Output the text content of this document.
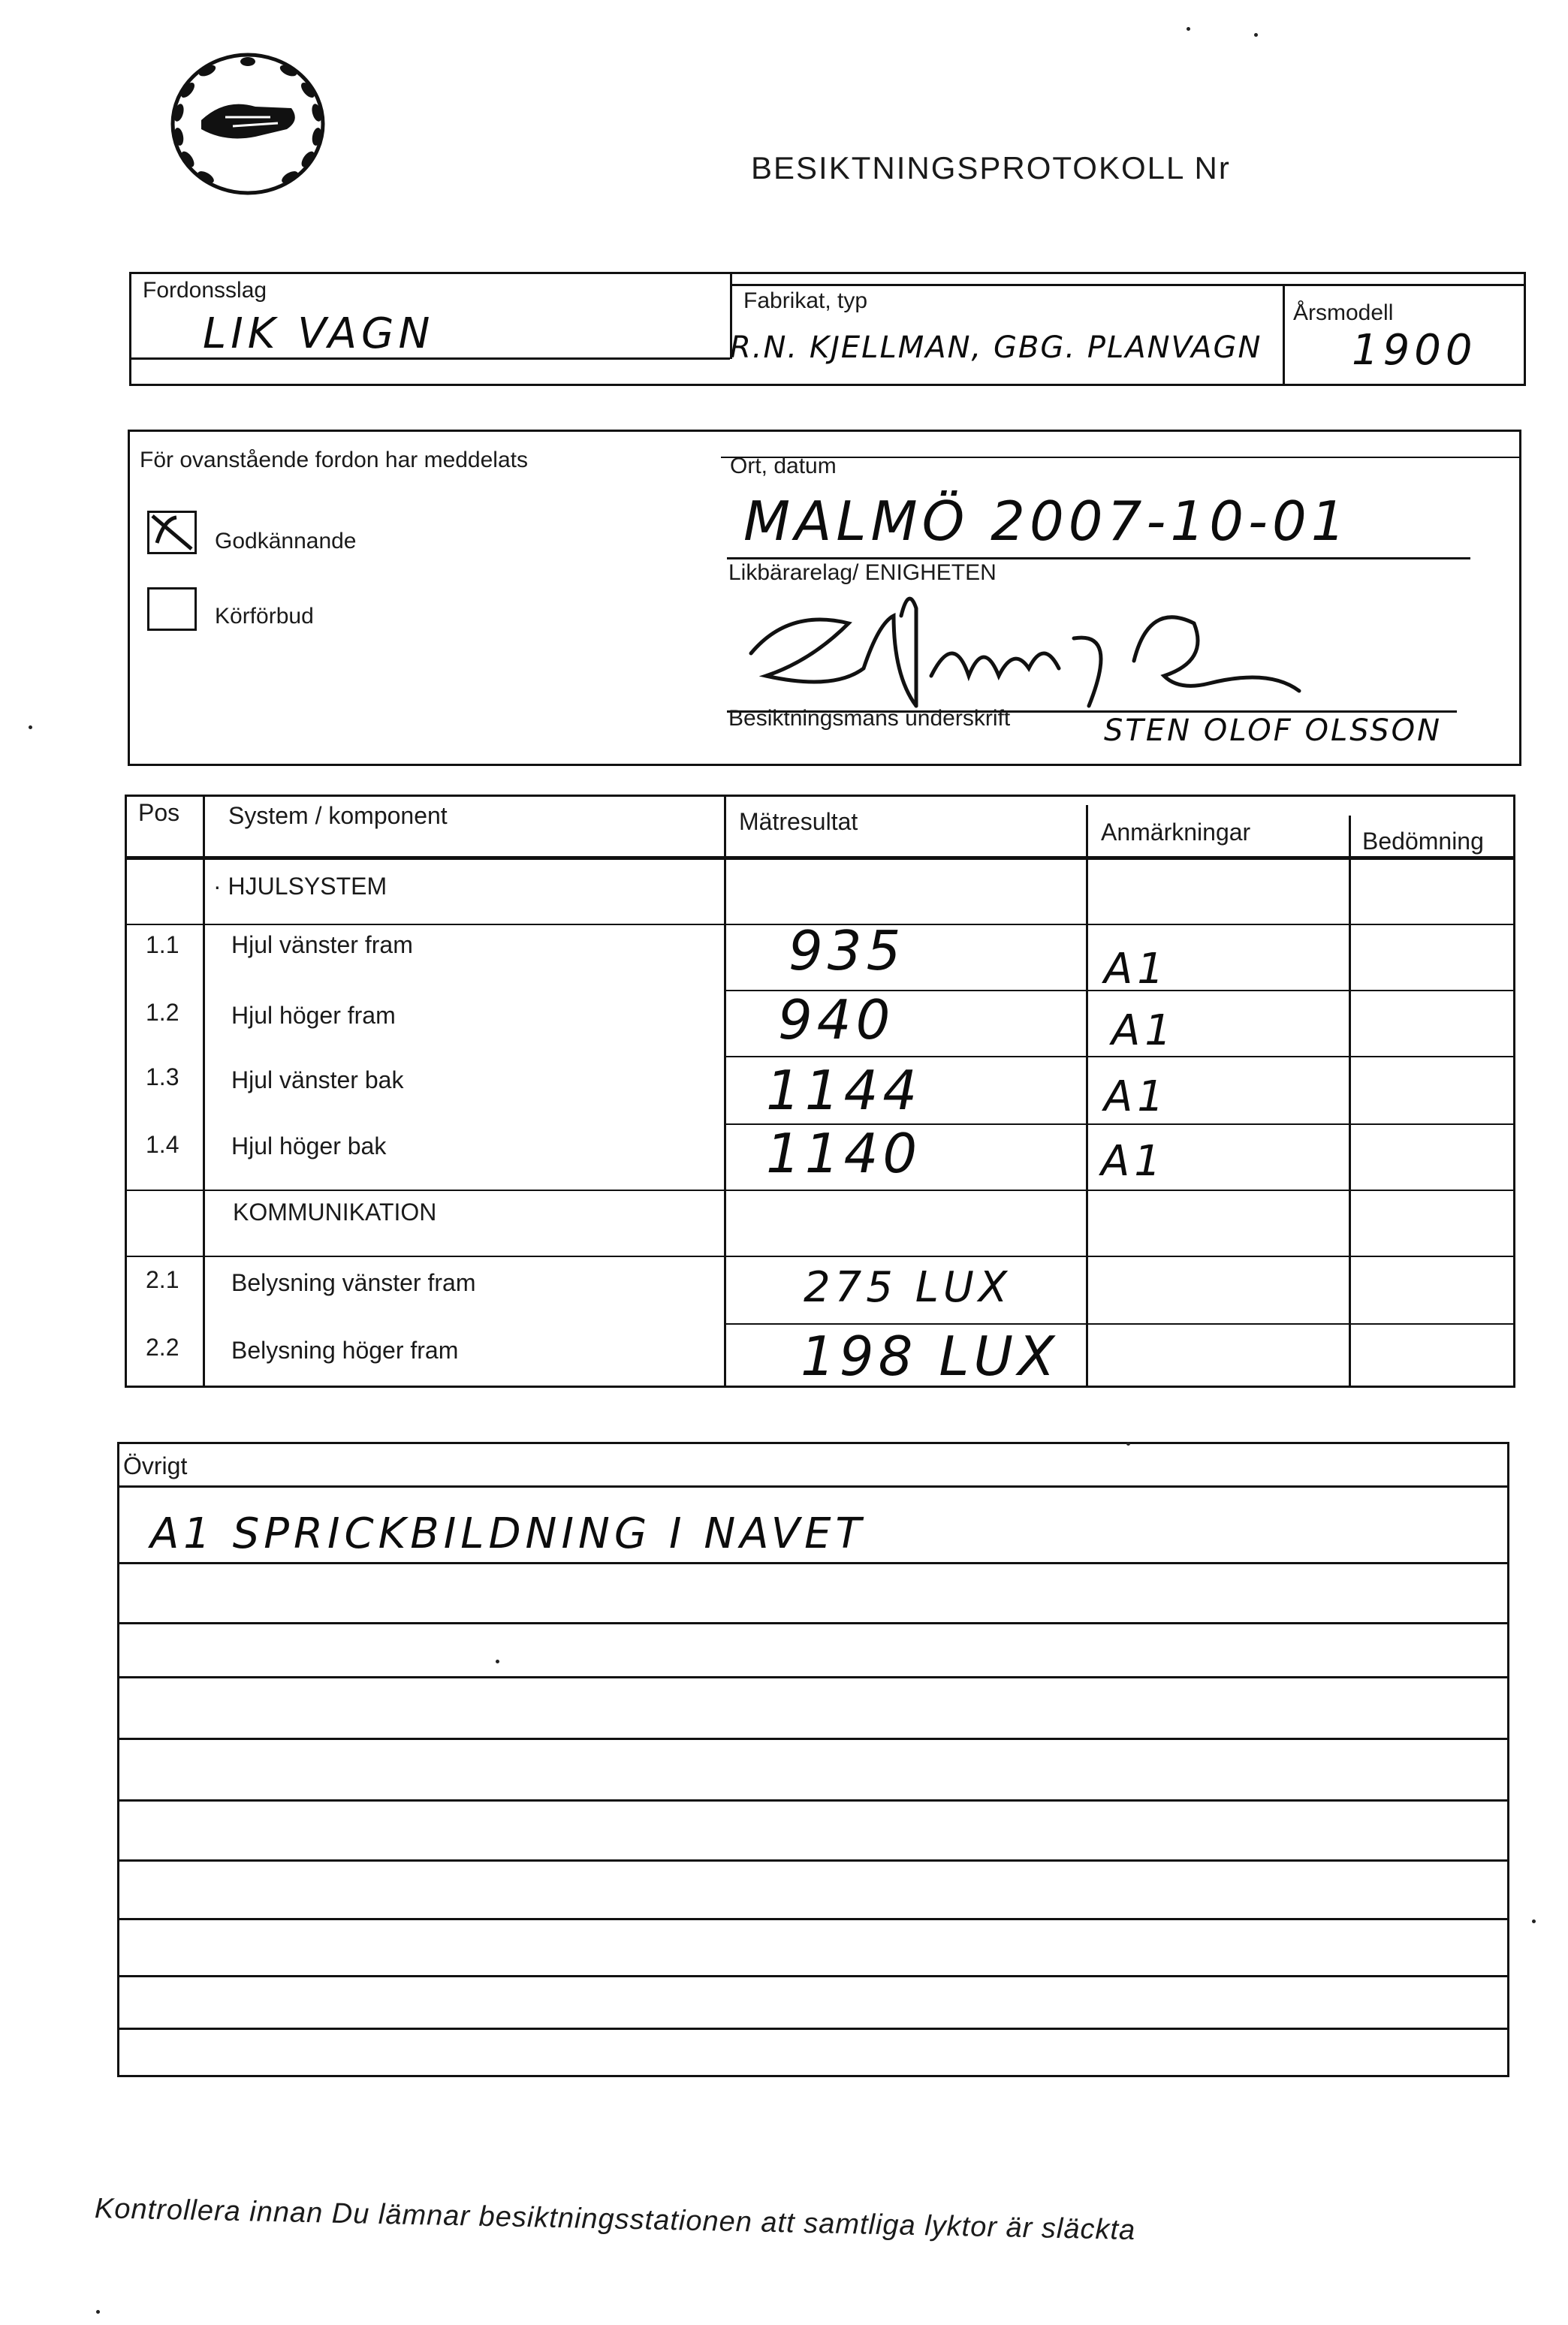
BESIKTNINGSPROTOKOLL Nr
Fordonsslag
LIK VAGN
Fabrikat, typ
R.N. KJELLMAN, GBG. PLANVAGN
Årsmodell
1900
För ovanstående fordon har meddelats
Godkännande
Körförbud
Ort, datum
MALMÖ 2007-10-01
Likbärarelag/ ENIGHETEN
Besiktningsmans underskrift	STEN OLOF OLSSON
Pos System / komponent	Mätresultat	Anmärkningar	Bedömning
· HJULSYSTEM
1.1 Hjul vänster fram	935	A1
1.2 Hjul höger fram	940	A1
1.3 Hjul vänster bak	1144	A1
1.4 Hjul höger bak	1140	A1
KOMMUNIKATION
2.1 Belysning vänster fram	275 LUX
2.2 Belysning höger fram	198 LUX
Övrigt
A1 SPRICKBILDNING I NAVET
Kontrollera innan Du lämnar besiktningsstationen att samtliga lyktor är släckta
